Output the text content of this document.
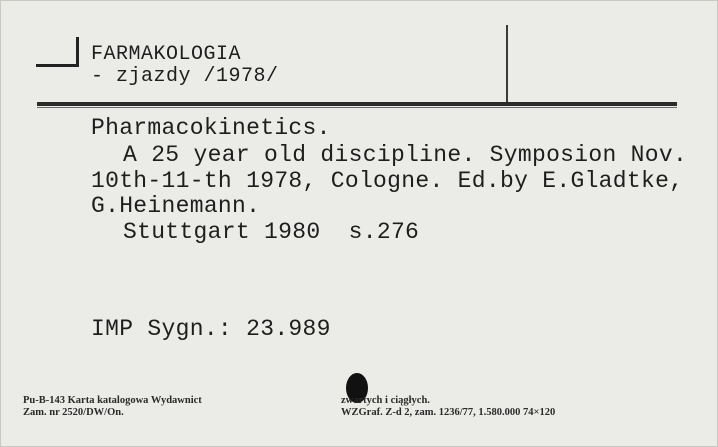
FARMAKOLOGIA
- zjazdy /1978/
Pharmacokinetics.
A 25 year old discipline. Symposion Nov.
10th-11-th 1978, Cologne. Ed.by E.Gladtke,
G.Heinemann.
Stuttgart 1980  s.276
IMP Sygn.: 23.989
Pu-B-143 Karta katalogowa Wydawnict
Zam. nr 2520/DW/On.
zwartych i ciągłych.
WZGraf. Z-d 2, zam. 1236/77, 1.580.000 74×120
